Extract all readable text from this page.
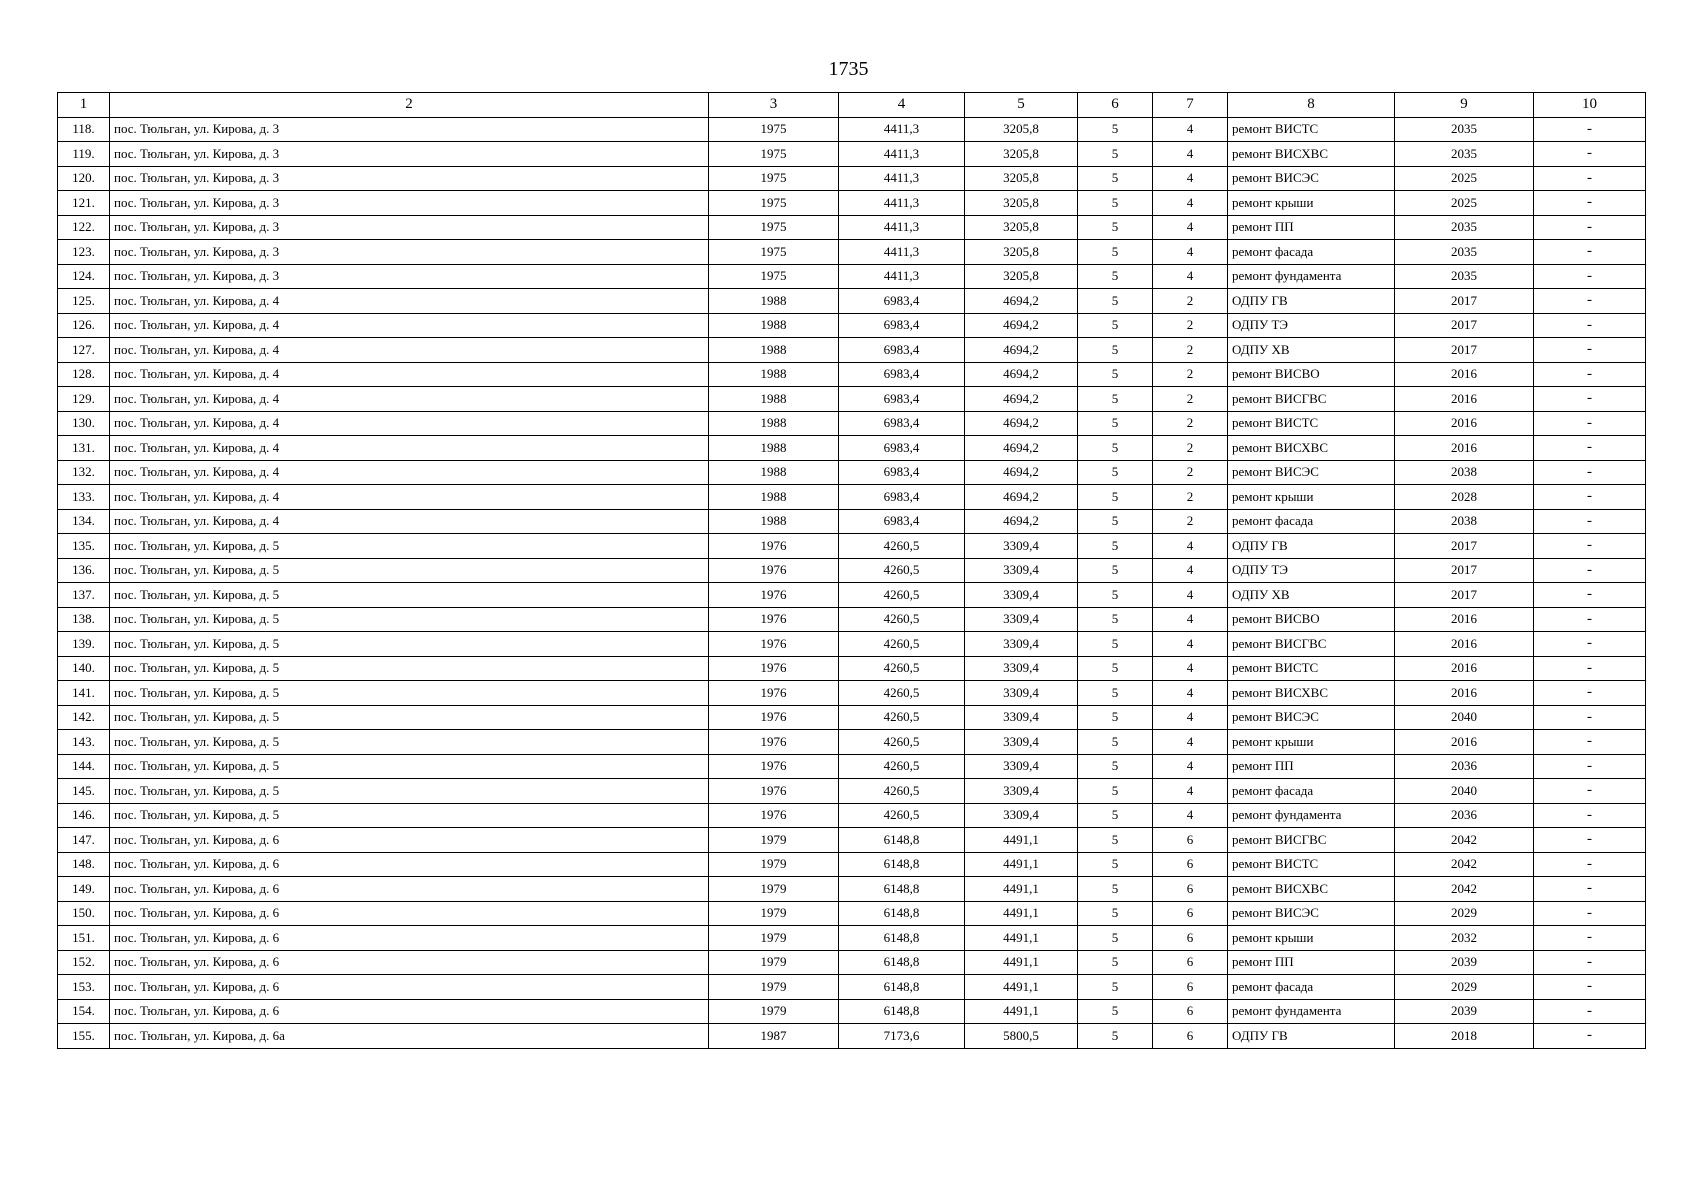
1735
1	2	3	4	5	6	7	8	9	10
118.	пос. Тюльган, ул. Кирова, д. 3	1975	4411,3	3205,8	5	4	ремонт ВИСТС	2035	-
119.	пос. Тюльган, ул. Кирова, д. 3	1975	4411,3	3205,8	5	4	ремонт ВИСХВС	2035	-
120.	пос. Тюльган, ул. Кирова, д. 3	1975	4411,3	3205,8	5	4	ремонт ВИСЭС	2025	-
121.	пос. Тюльган, ул. Кирова, д. 3	1975	4411,3	3205,8	5	4	ремонт крыши	2025	-
122.	пос. Тюльган, ул. Кирова, д. 3	1975	4411,3	3205,8	5	4	ремонт ПП	2035	-
123.	пос. Тюльган, ул. Кирова, д. 3	1975	4411,3	3205,8	5	4	ремонт фасада	2035	-
124.	пос. Тюльган, ул. Кирова, д. 3	1975	4411,3	3205,8	5	4	ремонт фундамента	2035	-
125.	пос. Тюльган, ул. Кирова, д. 4	1988	6983,4	4694,2	5	2	ОДПУ ГВ	2017	-
126.	пос. Тюльган, ул. Кирова, д. 4	1988	6983,4	4694,2	5	2	ОДПУ ТЭ	2017	-
127.	пос. Тюльган, ул. Кирова, д. 4	1988	6983,4	4694,2	5	2	ОДПУ ХВ	2017	-
128.	пос. Тюльган, ул. Кирова, д. 4	1988	6983,4	4694,2	5	2	ремонт ВИСВО	2016	-
129.	пос. Тюльган, ул. Кирова, д. 4	1988	6983,4	4694,2	5	2	ремонт ВИСГВС	2016	-
130.	пос. Тюльган, ул. Кирова, д. 4	1988	6983,4	4694,2	5	2	ремонт ВИСТС	2016	-
131.	пос. Тюльган, ул. Кирова, д. 4	1988	6983,4	4694,2	5	2	ремонт ВИСХВС	2016	-
132.	пос. Тюльган, ул. Кирова, д. 4	1988	6983,4	4694,2	5	2	ремонт ВИСЭС	2038	-
133.	пос. Тюльган, ул. Кирова, д. 4	1988	6983,4	4694,2	5	2	ремонт крыши	2028	-
134.	пос. Тюльган, ул. Кирова, д. 4	1988	6983,4	4694,2	5	2	ремонт фасада	2038	-
135.	пос. Тюльган, ул. Кирова, д. 5	1976	4260,5	3309,4	5	4	ОДПУ ГВ	2017	-
136.	пос. Тюльган, ул. Кирова, д. 5	1976	4260,5	3309,4	5	4	ОДПУ ТЭ	2017	-
137.	пос. Тюльган, ул. Кирова, д. 5	1976	4260,5	3309,4	5	4	ОДПУ ХВ	2017	-
138.	пос. Тюльган, ул. Кирова, д. 5	1976	4260,5	3309,4	5	4	ремонт ВИСВО	2016	-
139.	пос. Тюльган, ул. Кирова, д. 5	1976	4260,5	3309,4	5	4	ремонт ВИСГВС	2016	-
140.	пос. Тюльган, ул. Кирова, д. 5	1976	4260,5	3309,4	5	4	ремонт ВИСТС	2016	-
141.	пос. Тюльган, ул. Кирова, д. 5	1976	4260,5	3309,4	5	4	ремонт ВИСХВС	2016	-
142.	пос. Тюльган, ул. Кирова, д. 5	1976	4260,5	3309,4	5	4	ремонт ВИСЭС	2040	-
143.	пос. Тюльган, ул. Кирова, д. 5	1976	4260,5	3309,4	5	4	ремонт крыши	2016	-
144.	пос. Тюльган, ул. Кирова, д. 5	1976	4260,5	3309,4	5	4	ремонт ПП	2036	-
145.	пос. Тюльган, ул. Кирова, д. 5	1976	4260,5	3309,4	5	4	ремонт фасада	2040	-
146.	пос. Тюльган, ул. Кирова, д. 5	1976	4260,5	3309,4	5	4	ремонт фундамента	2036	-
147.	пос. Тюльган, ул. Кирова, д. 6	1979	6148,8	4491,1	5	6	ремонт ВИСГВС	2042	-
148.	пос. Тюльган, ул. Кирова, д. 6	1979	6148,8	4491,1	5	6	ремонт ВИСТС	2042	-
149.	пос. Тюльган, ул. Кирова, д. 6	1979	6148,8	4491,1	5	6	ремонт ВИСХВС	2042	-
150.	пос. Тюльган, ул. Кирова, д. 6	1979	6148,8	4491,1	5	6	ремонт ВИСЭС	2029	-
151.	пос. Тюльган, ул. Кирова, д. 6	1979	6148,8	4491,1	5	6	ремонт крыши	2032	-
152.	пос. Тюльган, ул. Кирова, д. 6	1979	6148,8	4491,1	5	6	ремонт ПП	2039	-
153.	пос. Тюльган, ул. Кирова, д. 6	1979	6148,8	4491,1	5	6	ремонт фасада	2029	-
154.	пос. Тюльган, ул. Кирова, д. 6	1979	6148,8	4491,1	5	6	ремонт фундамента	2039	-
155.	пос. Тюльган, ул. Кирова, д. 6а	1987	7173,6	5800,5	5	6	ОДПУ ГВ	2018	-
